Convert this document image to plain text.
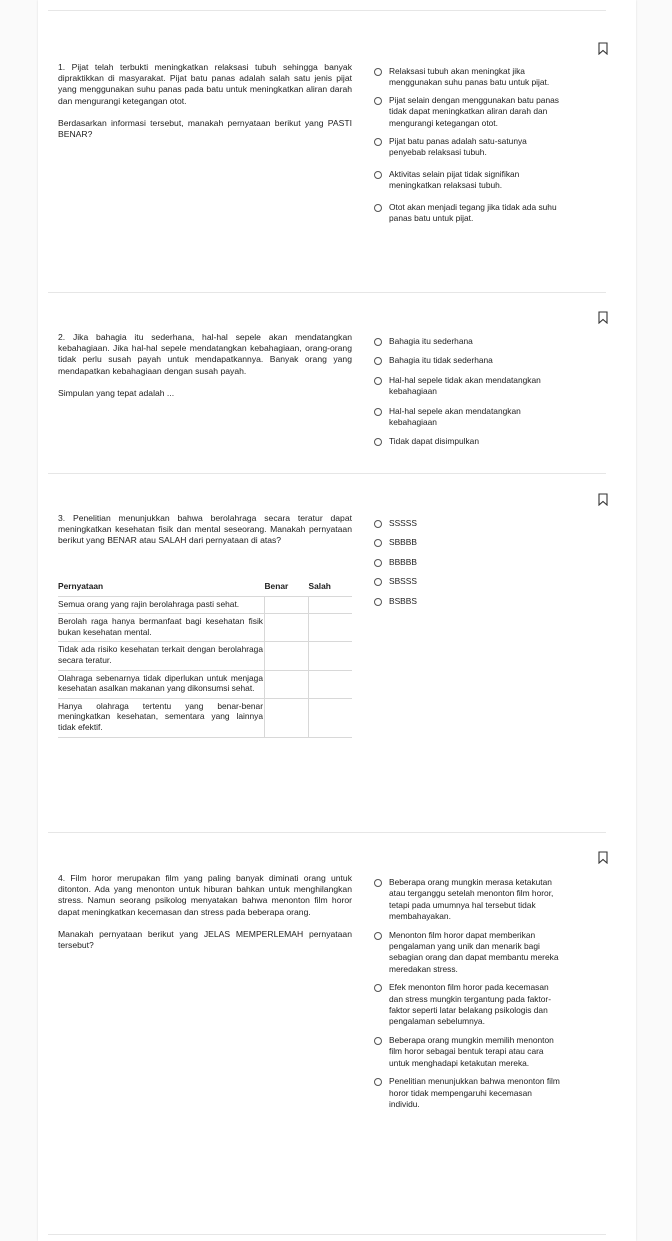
1. Pijat telah terbukti meningkatkan relaksasi tubuh sehingga banyak dipraktikkan di masyarakat. Pijat batu panas adalah salah satu jenis pijat yang menggunakan suhu panas pada batu untuk meningkatkan aliran darah dan mengurangi ketegangan otot.

Berdasarkan informasi tersebut, manakah pernyataan berikut yang PASTI BENAR?

Relaksasi tubuh akan meningkat jika menggunakan suhu panas batu untuk pijat.
Pijat selain dengan menggunakan batu panas tidak dapat meningkatkan aliran darah dan mengurangi ketegangan otot.
Pijat batu panas adalah satu-satunya penyebab relaksasi tubuh.
Aktivitas selain pijat tidak signifikan meningkatkan relaksasi tubuh.
Otot akan menjadi tegang jika tidak ada suhu panas batu untuk pijat.

2. Jika bahagia itu sederhana, hal-hal sepele akan mendatangkan kebahagiaan. Jika hal-hal sepele mendatangkan kebahagiaan, orang-orang tidak perlu susah payah untuk mendapatkannya. Banyak orang yang mendapatkan kebahagiaan dengan susah payah.

Simpulan yang tepat adalah ...

Bahagia itu sederhana
Bahagia itu tidak sederhana
Hal-hal sepele tidak akan mendatangkan kebahagiaan
Hal-hal sepele akan mendatangkan kebahagiaan
Tidak dapat disimpulkan

3. Penelitian menunjukkan bahwa berolahraga secara teratur dapat meningkatkan kesehatan fisik dan mental seseorang. Manakah pernyataan berikut yang BENAR atau SALAH dari pernyataan di atas?

Pernyataan	Benar	Salah
Semua orang yang rajin berolahraga pasti sehat.		
Berolah raga hanya bermanfaat bagi kesehatan fisik bukan kesehatan mental.		
Tidak ada risiko kesehatan terkait dengan berolahraga secara teratur.		
Olahraga sebenarnya tidak diperlukan untuk menjaga kesehatan asalkan makanan yang dikonsumsi sehat.		
Hanya olahraga tertentu yang benar-benar meningkatkan kesehatan, sementara yang lainnya tidak efektif.		
SSSSS
SBBBB
BBBBB
SBSSS
BSBBS

4. Film horor merupakan film yang paling banyak diminati orang untuk ditonton. Ada yang menonton untuk hiburan bahkan untuk menghilangkan stress. Namun seorang psikolog menyatakan bahwa menonton film horor dapat meningkatkan kecemasan dan stress pada beberapa orang.

Manakah pernyataan berikut yang JELAS MEMPERLEMAH pernyataan tersebut?

Beberapa orang mungkin merasa ketakutan atau terganggu setelah menonton film horor, tetapi pada umumnya hal tersebut tidak membahayakan.
Menonton film horor dapat memberikan pengalaman yang unik dan menarik bagi sebagian orang dan dapat membantu mereka meredakan stress.
Efek menonton film horor pada kecemasan dan stress mungkin tergantung pada faktor-faktor seperti latar belakang psikologis dan pengalaman sebelumnya.
Beberapa orang mungkin memilih menonton film horor sebagai bentuk terapi atau cara untuk menghadapi ketakutan mereka.
Penelitian menunjukkan bahwa menonton film horor tidak mempengaruhi kecemasan individu.
